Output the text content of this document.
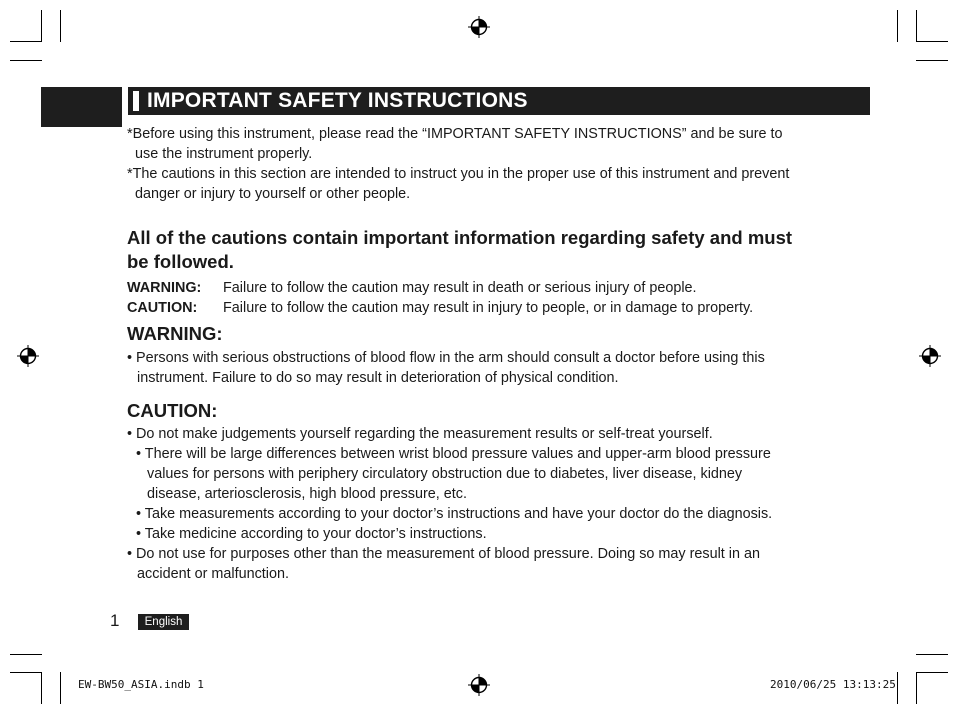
IMPORTANT SAFETY INSTRUCTIONS
*Before using this instrument, please read the “IMPORTANT SAFETY INSTRUCTIONS” and be sure to
use the instrument properly.
*The cautions in this section are intended to instruct you in the proper use of this instrument and prevent
danger or injury to yourself or other people.
All of the cautions contain important information regarding safety and must
be followed.
WARNING: Failure to follow the caution may result in death or serious injury of people.
CAUTION: Failure to follow the caution may result in injury to people, or in damage to property.
WARNING:
• Persons with serious obstructions of blood flow in the arm should consult a doctor before using this
instrument. Failure to do so may result in deterioration of physical condition.
CAUTION:
• Do not make judgements yourself regarding the measurement results or self-treat yourself.
• There will be large differences between wrist blood pressure values and upper-arm blood pressure
values for persons with periphery circulatory obstruction due to diabetes, liver disease, kidney
disease, arteriosclerosis, high blood pressure, etc.
• Take measurements according to your doctor’s instructions and have your doctor do the diagnosis.
• Take medicine according to your doctor’s instructions.
• Do not use for purposes other than the measurement of blood pressure. Doing so may result in an
accident or malfunction.
1	English
EW-BW50_ASIA.indb 1	2010/06/25 13:13:25
